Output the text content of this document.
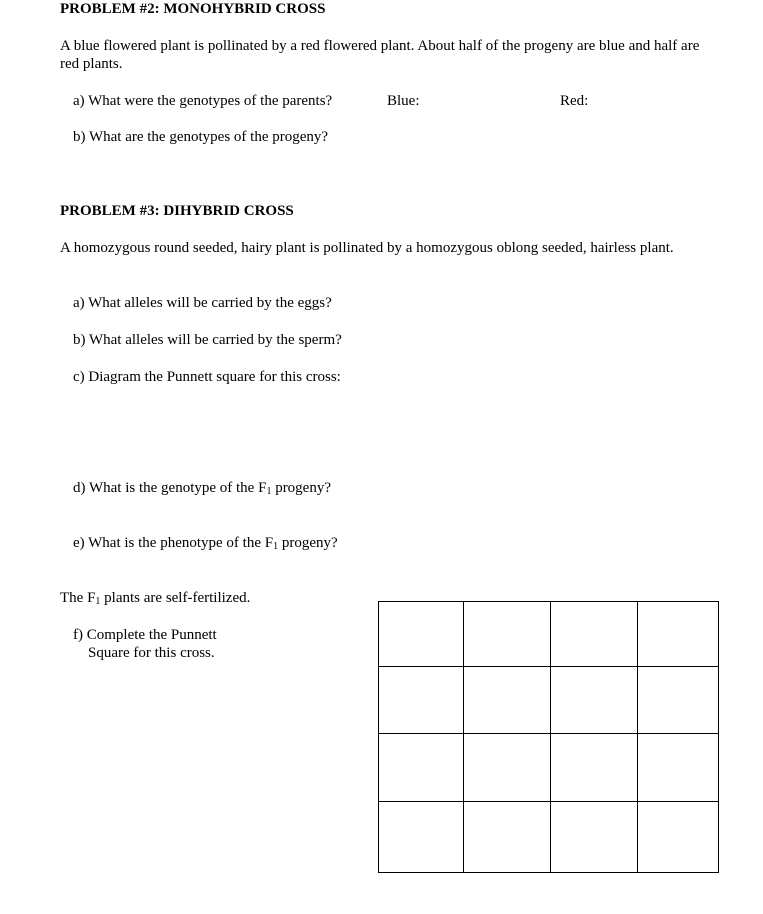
PROBLEM #2: MONOHYBRID CROSS
A blue flowered plant is pollinated by a red flowered plant. About half of the progeny are blue and half are red plants.
a) What were the genotypes of the parents?	Blue:	Red:
b) What are the genotypes of the progeny?
PROBLEM #3: DIHYBRID CROSS
A homozygous round seeded, hairy plant is pollinated by a homozygous oblong seeded, hairless plant.
a) What alleles will be carried by the eggs?
b) What alleles will be carried by the sperm?
c) Diagram the Punnett square for this cross:
d) What is the genotype of the $F_1$ progeny?
e) What is the phenotype of the $F_1$ progeny?
The $F_1$ plants are self-fertilized.
f) Complete the Punnett
Square for this cross.
